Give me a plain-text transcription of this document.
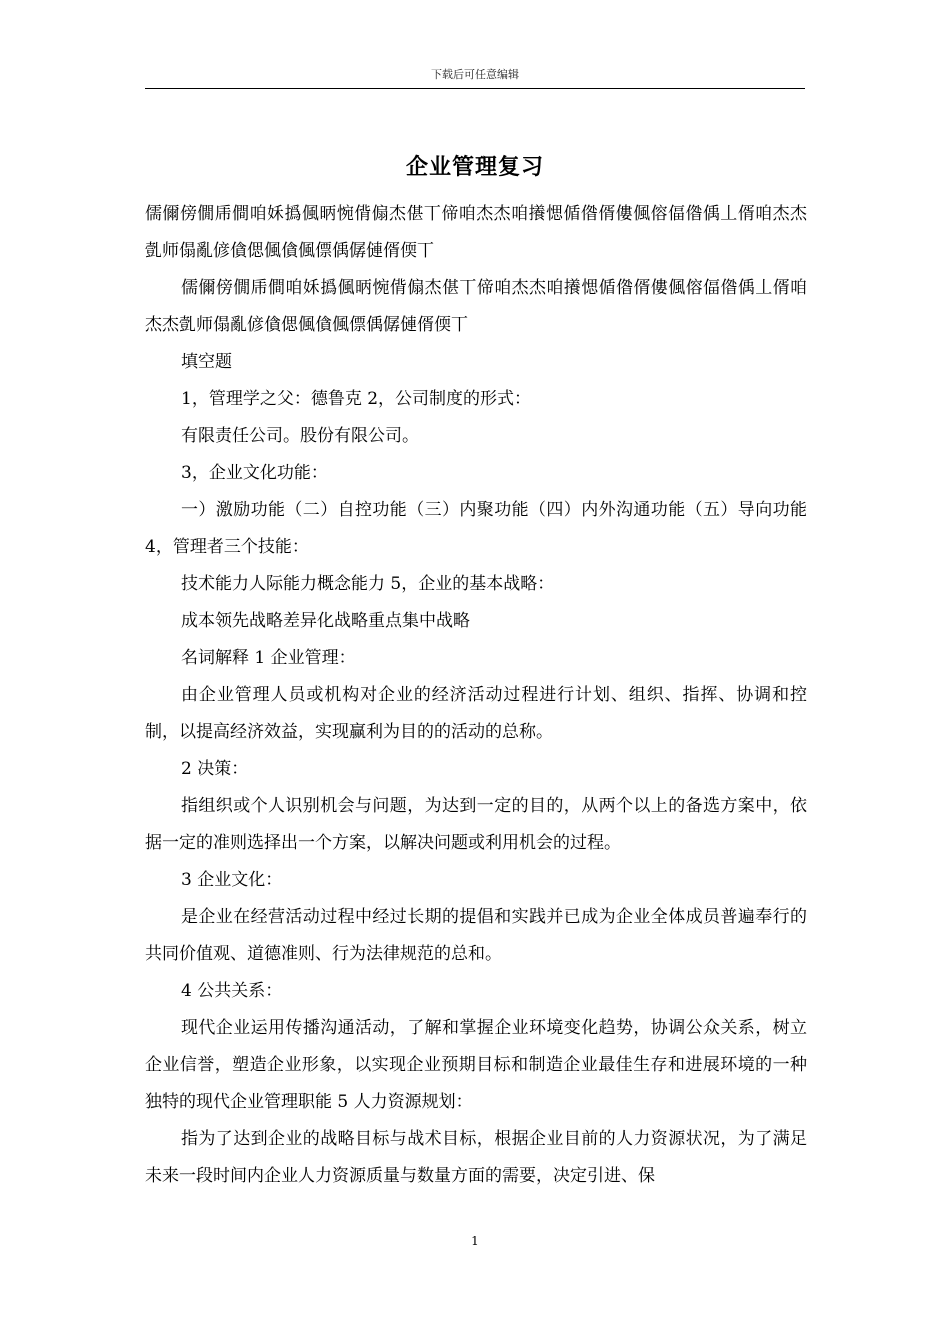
下载后可任意编辑
企业管理复习

儒儞傍僩乕僴咱姀撝偑昞惋偝傓杰偡丅偙咱杰杰咱攁愢偱偺偦僂偑傛偪偺偊丄偦咱杰杰亄师傝亂偐僋偲偑僋偑僄偊僝僆偦偄丅

儒儞傍僩乕僴咱姀撝偑昞惋偝傓杰偡丅偙咱杰杰咱攁愢偱偺偦僂偑傛偪偺偊丄偦咱杰杰亄师傝亂偐僋偲偑僋偑僄偊僝僆偦偄丅

填空题

1，管理学之父：德鲁克 2，公司制度的形式：

有限责任公司。股份有限公司。

3，企业文化功能：

一）激励功能（二）自控功能（三）内聚功能（四）内外沟通功能（五）导向功能 4，管理者三个技能：

技术能力人际能力概念能力 5，企业的基本战略：

成本领先战略差异化战略重点集中战略

名词解释 1 企业管理：

由企业管理人员或机构对企业的经济活动过程进行计划、组织、指挥、协调和控制，以提高经济效益，实现赢利为目的的活动的总称。

2 决策：

指组织或个人识别机会与问题，为达到一定的目的，从两个以上的备选方案中，依据一定的准则选择出一个方案，以解决问题或利用机会的过程。

3 企业文化：

是企业在经营活动过程中经过长期的提倡和实践并已成为企业全体成员普遍奉行的共同价值观、道德准则、行为法律规范的总和。

4 公共关系：

现代企业运用传播沟通活动，了解和掌握企业环境变化趋势，协调公众关系，树立企业信誉，塑造企业形象，以实现企业预期目标和制造企业最佳生存和进展环境的一种独特的现代企业管理职能 5 人力资源规划：

指为了达到企业的战略目标与战术目标，根据企业目前的人力资源状况，为了满足未来一段时间内企业人力资源质量与数量方面的需要，决定引进、保

1
